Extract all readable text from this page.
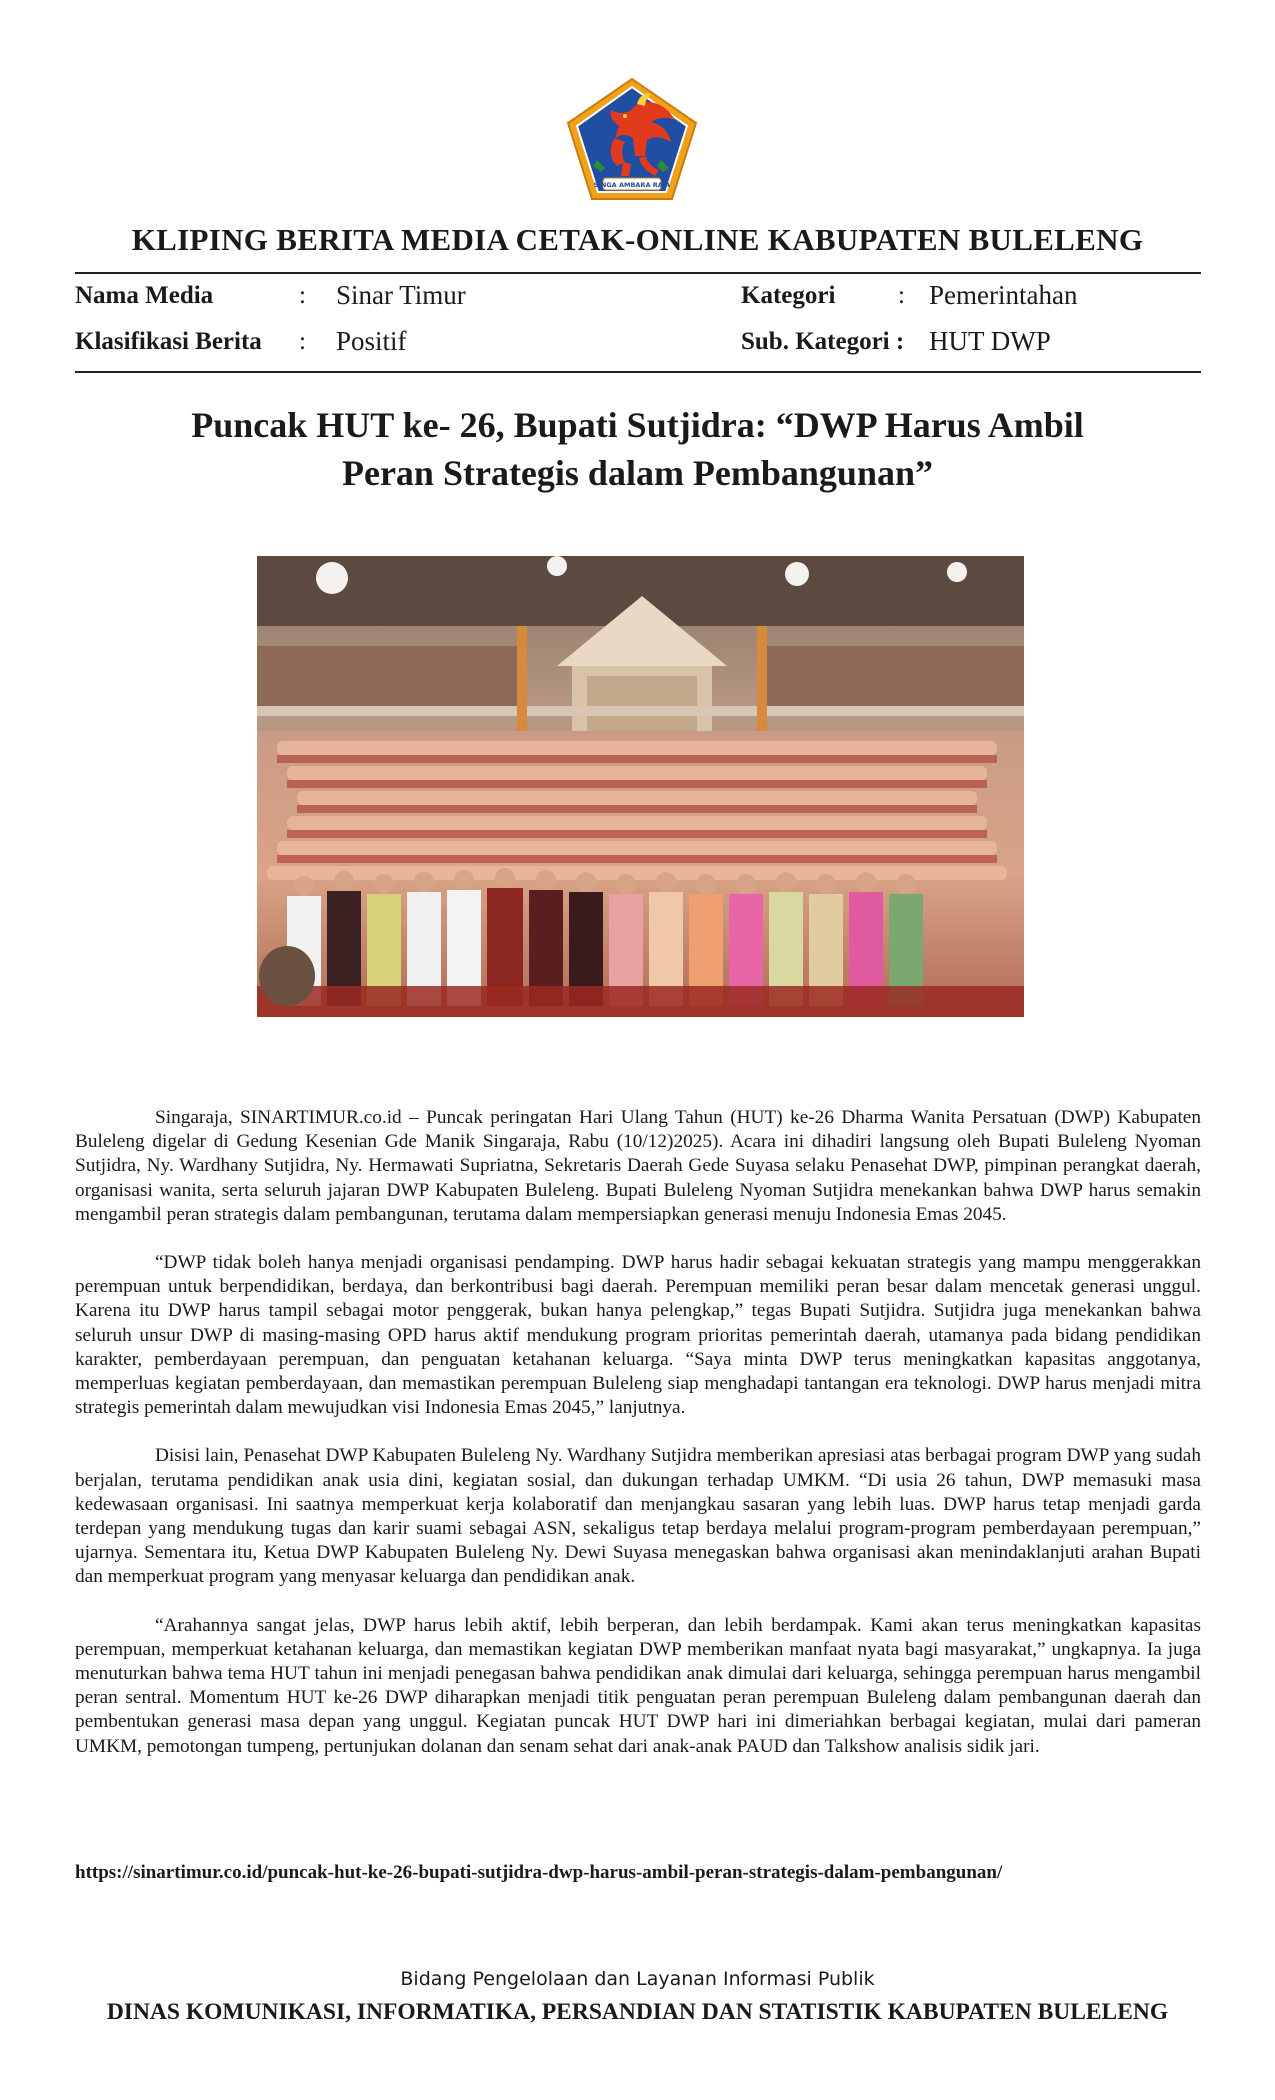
SINGA AMBARA RAJA
KLIPING BERITA MEDIA CETAK-ONLINE KABUPATEN BULELENG
Nama Media	: Sinar Timur	Kategori	: Pemerintahan
Klasifikasi Berita : Positif	Sub. Kategori : HUT DWP
Puncak HUT ke- 26, Bupati Sutjidra: “DWP Harus Ambil
Peran Strategis dalam Pembangunan”

Singaraja, SINARTIMUR.co.id – Puncak peringatan Hari Ulang Tahun (HUT) ke-26 Dharma Wanita Persatuan (DWP) Kabupaten Buleleng digelar di Gedung Kesenian Gde Manik Singaraja, Rabu (10/12)2025). Acara ini dihadiri langsung oleh Bupati Buleleng Nyoman Sutjidra, Ny. Wardhany Sutjidra, Ny. Hermawati Supriatna, Sekretaris Daerah Gede Suyasa selaku Penasehat DWP, pimpinan perangkat daerah, organisasi wanita, serta seluruh jajaran DWP Kabupaten Buleleng. Bupati Buleleng Nyoman Sutjidra menekankan bahwa DWP harus semakin mengambil peran strategis dalam pembangunan, terutama dalam mempersiapkan generasi menuju Indonesia Emas 2045.

“DWP tidak boleh hanya menjadi organisasi pendamping. DWP harus hadir sebagai kekuatan strategis yang mampu menggerakkan perempuan untuk berpendidikan, berdaya, dan berkontribusi bagi daerah. Perempuan memiliki peran besar dalam mencetak generasi unggul. Karena itu DWP harus tampil sebagai motor penggerak, bukan hanya pelengkap,” tegas Bupati Sutjidra. Sutjidra juga menekankan bahwa seluruh unsur DWP di masing-masing OPD harus aktif mendukung program prioritas pemerintah daerah, utamanya pada bidang pendidikan karakter, pemberdayaan perempuan, dan penguatan ketahanan keluarga. “Saya minta DWP terus meningkatkan kapasitas anggotanya, memperluas kegiatan pemberdayaan, dan memastikan perempuan Buleleng siap menghadapi tantangan era teknologi. DWP harus menjadi mitra strategis pemerintah dalam mewujudkan visi Indonesia Emas 2045,” lanjutnya.

Disisi lain, Penasehat DWP Kabupaten Buleleng Ny. Wardhany Sutjidra memberikan apresiasi atas berbagai program DWP yang sudah berjalan, terutama pendidikan anak usia dini, kegiatan sosial, dan dukungan terhadap UMKM. “Di usia 26 tahun, DWP memasuki masa kedewasaan organisasi. Ini saatnya memperkuat kerja kolaboratif dan menjangkau sasaran yang lebih luas. DWP harus tetap menjadi garda terdepan yang mendukung tugas dan karir suami sebagai ASN, sekaligus tetap berdaya melalui program-program pemberdayaan perempuan,” ujarnya. Sementara itu, Ketua DWP Kabupaten Buleleng Ny. Dewi Suyasa menegaskan bahwa organisasi akan menindaklanjuti arahan Bupati dan memperkuat program yang menyasar keluarga dan pendidikan anak.

“Arahannya sangat jelas, DWP harus lebih aktif, lebih berperan, dan lebih berdampak. Kami akan terus meningkatkan kapasitas perempuan, memperkuat ketahanan keluarga, dan memastikan kegiatan DWP memberikan manfaat nyata bagi masyarakat,” ungkapnya. Ia juga menuturkan bahwa tema HUT tahun ini menjadi penegasan bahwa pendidikan anak dimulai dari keluarga, sehingga perempuan harus mengambil peran sentral. Momentum HUT ke-26 DWP diharapkan menjadi titik penguatan peran perempuan Buleleng dalam pembangunan daerah dan pembentukan generasi masa depan yang unggul. Kegiatan puncak HUT DWP hari ini dimeriahkan berbagai kegiatan, mulai dari pameran UMKM, pemotongan tumpeng, pertunjukan dolanan dan senam sehat dari anak-anak PAUD dan Talkshow analisis sidik jari.

https://sinartimur.co.id/puncak-hut-ke-26-bupati-sutjidra-dwp-harus-ambil-peran-strategis-dalam-pembangunan/
Bidang Pengelolaan dan Layanan Informasi Publik
DINAS KOMUNIKASI, INFORMATIKA, PERSANDIAN DAN STATISTIK KABUPATEN BULELENG
